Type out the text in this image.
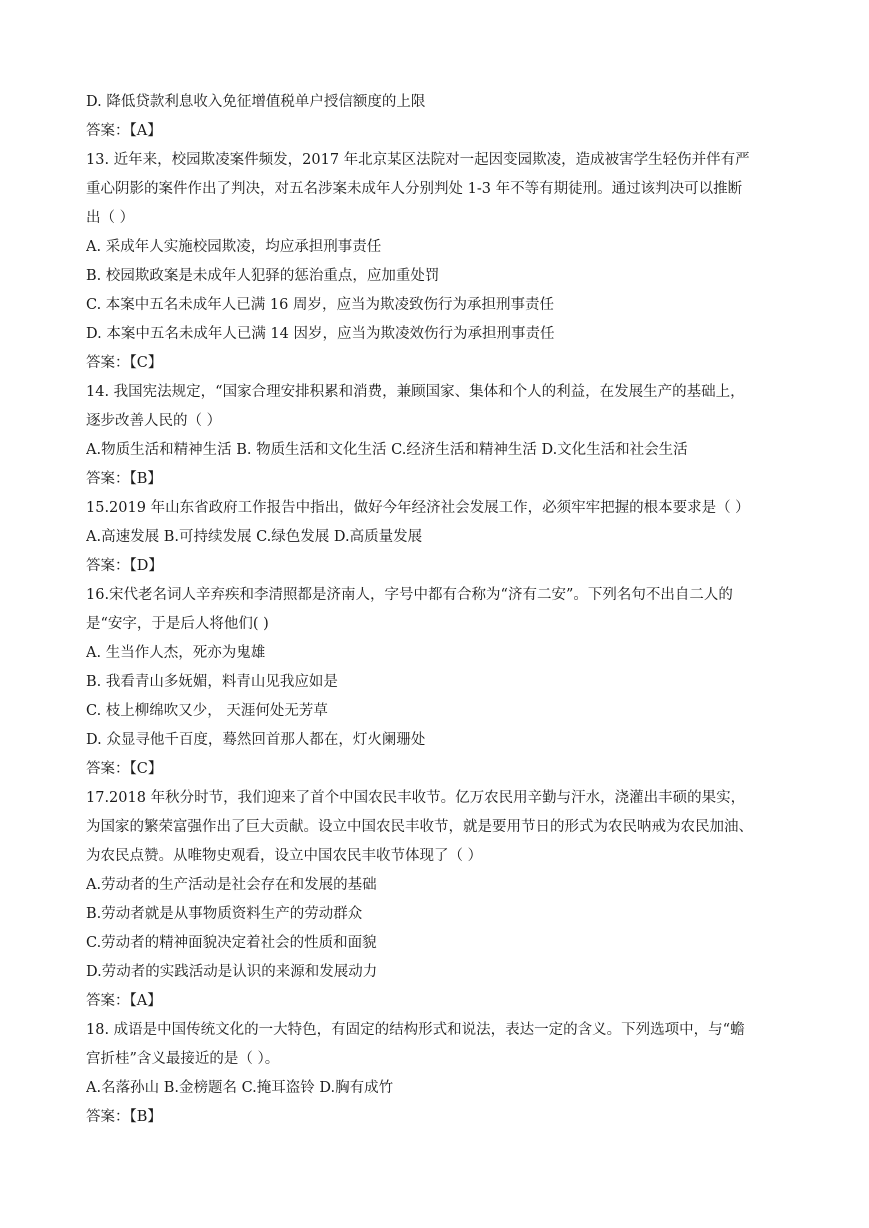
D. 降低贷款利息收入免征增值税单户授信额度的上限
答案：【A】
13. 近年来，校园欺凌案件频发，2017 年北京某区法院对一起因变园欺凌，造成被害学生轻伤并伴有严
重心阴影的案件作出了判决，对五名涉案未成年人分别判处 1-3 年不等有期徒刑。通过该判决可以推断
出（ ）
A. 采成年人实施校园欺凌，均应承担刑事责任
B. 校园欺政案是未成年人犯驿的惩治重点，应加重处罚
C. 本案中五名未成年人已满 16 周岁，应当为欺凌致伤行为承担刑事责任
D. 本案中五名未成年人已满 14 因岁，应当为欺凌效伤行为承担刑事责任
答案：【C】
14. 我国宪法规定，“国家合理安排积累和消费，兼顾国家、集体和个人的利益，在发展生产的基础上，
逐步改善人民的（ ）
A.物质生活和精神生活 B. 物质生活和文化生活 C.经济生活和精神生活 D.文化生活和社会生活
答案：【B】
15.2019 年山东省政府工作报告中指出，做好今年经济社会发展工作，必须牢牢把握的根本要求是（ ）
A.高速发展 B.可持续发展 C.绿色发展 D.高质量发展
答案：【D】
16.宋代老名词人辛弃疾和李清照都是济南人，字号中都有合称为“济有二安”。下列名句不出自二人的
是“安字，于是后人将他们( )
A. 生当作人杰，死亦为鬼雄
B. 我看青山多妩媚，料青山见我应如是
C. 枝上柳绵吹又少， 天涯何处无芳草
D. 众显寻他千百度，蓦然回首那人都在，灯火阑珊处
答案：【C】
17.2018 年秋分时节，我们迎来了首个中国农民丰收节。亿万农民用辛勤与汗水，浇灌出丰硕的果实，
为国家的繁荣富强作出了巨大贡献。设立中国农民丰收节，就是要用节日的形式为农民呐戒为农民加油、
为农民点赞。从唯物史观看，设立中国农民丰收节体现了（ ）
A.劳动者的生产活动是社会存在和发展的基础
B.劳动者就是从事物质资料生产的劳动群众
C.劳动者的精神面貌决定着社会的性质和面貌
D.劳动者的实践活动是认识的来源和发展动力
答案：【A】
18. 成语是中国传统文化的一大特色，有固定的结构形式和说法，表达一定的含义。下列选项中，与“蟾
宫折桂”含义最接近的是（ ）。
A.名落孙山 B.金榜题名 C.掩耳盗铃 D.胸有成竹
答案：【B】
